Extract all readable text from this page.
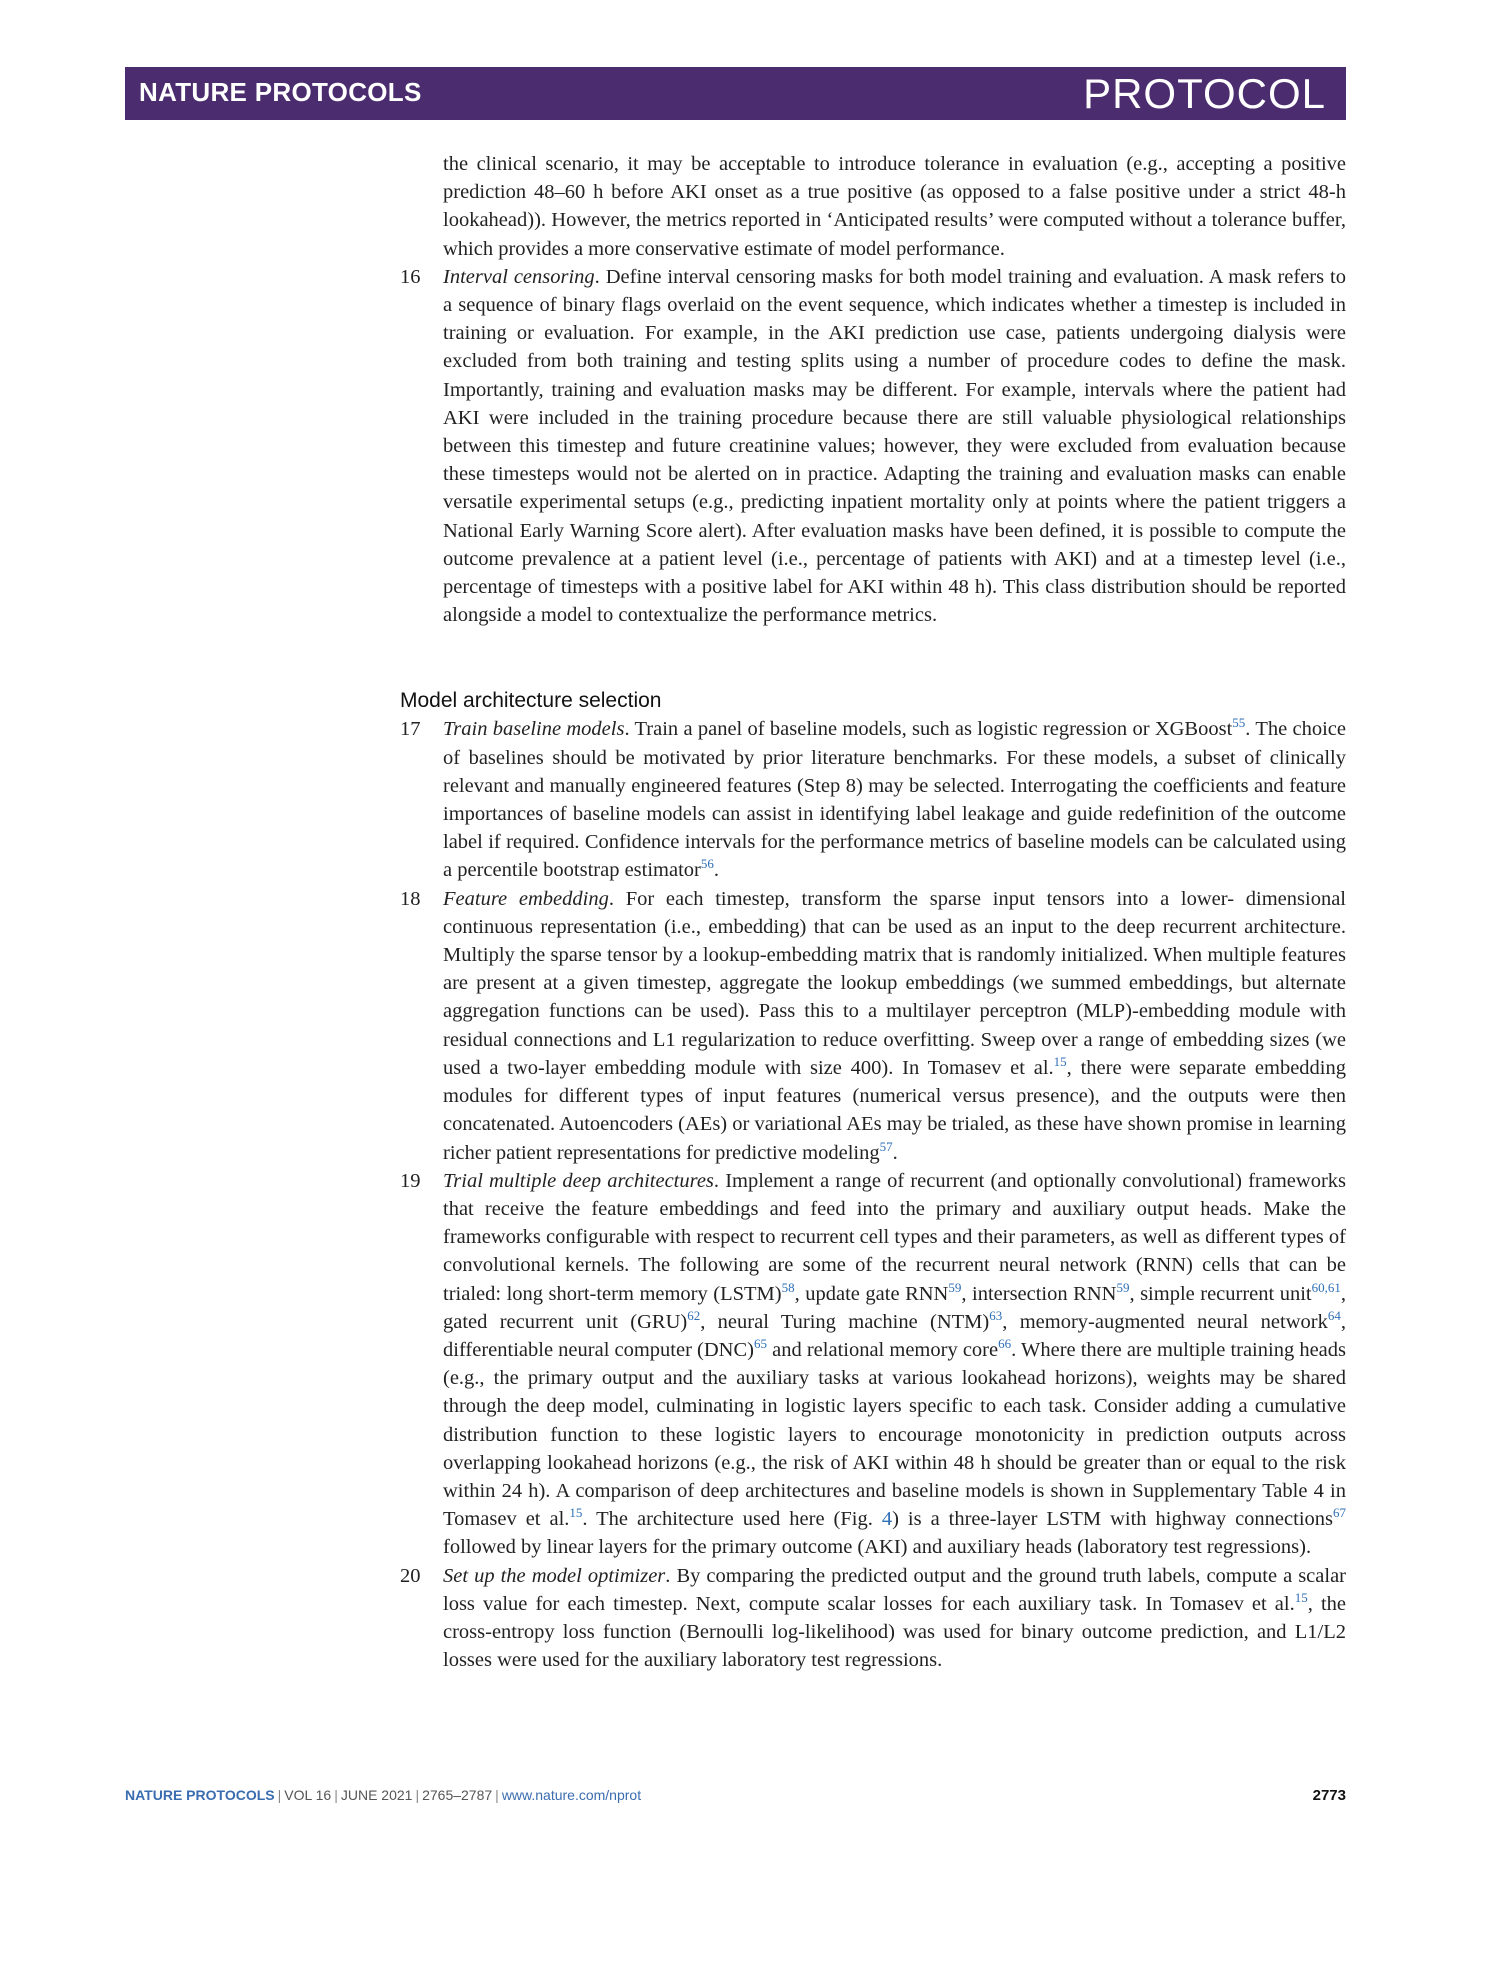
NATURE PROTOCOLS	PROTOCOL

the clinical scenario, it may be acceptable to introduce tolerance in evaluation (e.g., accepting a positive prediction 48–60 h before AKI onset as a true positive (as opposed to a false positive under a strict 48-h lookahead)). However, the metrics reported in ‘Anticipated results’ were computed without a tolerance buffer, which provides a more conservative estimate of model performance.

16 Interval censoring. Define interval censoring masks for both model training and evaluation. A mask refers to a sequence of binary flags overlaid on the event sequence, which indicates whether a timestep is included in training or evaluation. For example, in the AKI prediction use case, patients undergoing dialysis were excluded from both training and testing splits using a number of procedure codes to define the mask. Importantly, training and evaluation masks may be different. For example, intervals where the patient had AKI were included in the training procedure because there are still valuable physiological relationships between this timestep and future creatinine values; however, they were excluded from evaluation because these timesteps would not be alerted on in practice. Adapting the training and evaluation masks can enable versatile experimental setups (e.g., predicting inpatient mortality only at points where the patient triggers a National Early Warning Score alert). After evaluation masks have been defined, it is possible to compute the outcome prevalence at a patient level (i.e., percentage of patients with AKI) and at a timestep level (i.e., percentage of timesteps with a positive label for AKI within 48 h). This class distribution should be reported alongside a model to contextualize the performance metrics.

Model architecture selection

17 Train baseline models. Train a panel of baseline models, such as logistic regression or XGBoost$^{55}$. The choice of baselines should be motivated by prior literature benchmarks. For these models, a subset of clinically relevant and manually engineered features (Step 8) may be selected. Interrogating the coefficients and feature importances of baseline models can assist in identifying label leakage and guide redefinition of the outcome label if required. Confidence intervals for the performance metrics of baseline models can be calculated using a percentile bootstrap estimator$^{56}$.

18 Feature embedding. For each timestep, transform the sparse input tensors into a lower- dimensional continuous representation (i.e., embedding) that can be used as an input to the deep recurrent architecture. Multiply the sparse tensor by a lookup-embedding matrix that is randomly initialized. When multiple features are present at a given timestep, aggregate the lookup embeddings (we summed embeddings, but alternate aggregation functions can be used). Pass this to a multilayer perceptron (MLP)-embedding module with residual connections and L1 regularization to reduce overfitting. Sweep over a range of embedding sizes (we used a two-layer embedding module with size 400). In Tomasev et al.$^{15}$, there were separate embedding modules for different types of input features (numerical versus presence), and the outputs were then concatenated. Autoencoders (AEs) or variational AEs may be trialed, as these have shown promise in learning richer patient representations for predictive modeling$^{57}$.

19 Trial multiple deep architectures. Implement a range of recurrent (and optionally convolutional) frameworks that receive the feature embeddings and feed into the primary and auxiliary output heads. Make the frameworks configurable with respect to recurrent cell types and their parameters, as well as different types of convolutional kernels. The following are some of the recurrent neural network (RNN) cells that can be trialed: long short-term memory (LSTM)$^{58}$, update gate RNN$^{59}$, intersection RNN$^{59}$, simple recurrent unit$^{60,61}$, gated recurrent unit (GRU)$^{62}$, neural Turing machine (NTM)$^{63}$, memory-augmented neural network$^{64}$, differentiable neural computer (DNC)$^{65}$ and relational memory core$^{66}$. Where there are multiple training heads (e.g., the primary output and the auxiliary tasks at various lookahead horizons), weights may be shared through the deep model, culminating in logistic layers specific to each task. Consider adding a cumulative distribution function to these logistic layers to encourage monotonicity in prediction outputs across overlapping lookahead horizons (e.g., the risk of AKI within 48 h should be greater than or equal to the risk within 24 h). A comparison of deep architectures and baseline models is shown in Supplementary Table 4 in Tomasev et al.$^{15}$. The architecture used here (Fig. 4) is a three-layer LSTM with highway connections$^{67}$ followed by linear layers for the primary outcome (AKI) and auxiliary heads (laboratory test regressions).

20 Set up the model optimizer. By comparing the predicted output and the ground truth labels, compute a scalar loss value for each timestep. Next, compute scalar losses for each auxiliary task. In Tomasev et al.$^{15}$, the cross-entropy loss function (Bernoulli log-likelihood) was used for binary outcome prediction, and L1/L2 losses were used for the auxiliary laboratory test regressions.

NATURE PROTOCOLS | VOL 16 | JUNE 2021 | 2765–2787 | www.nature.com/nprot	2773
